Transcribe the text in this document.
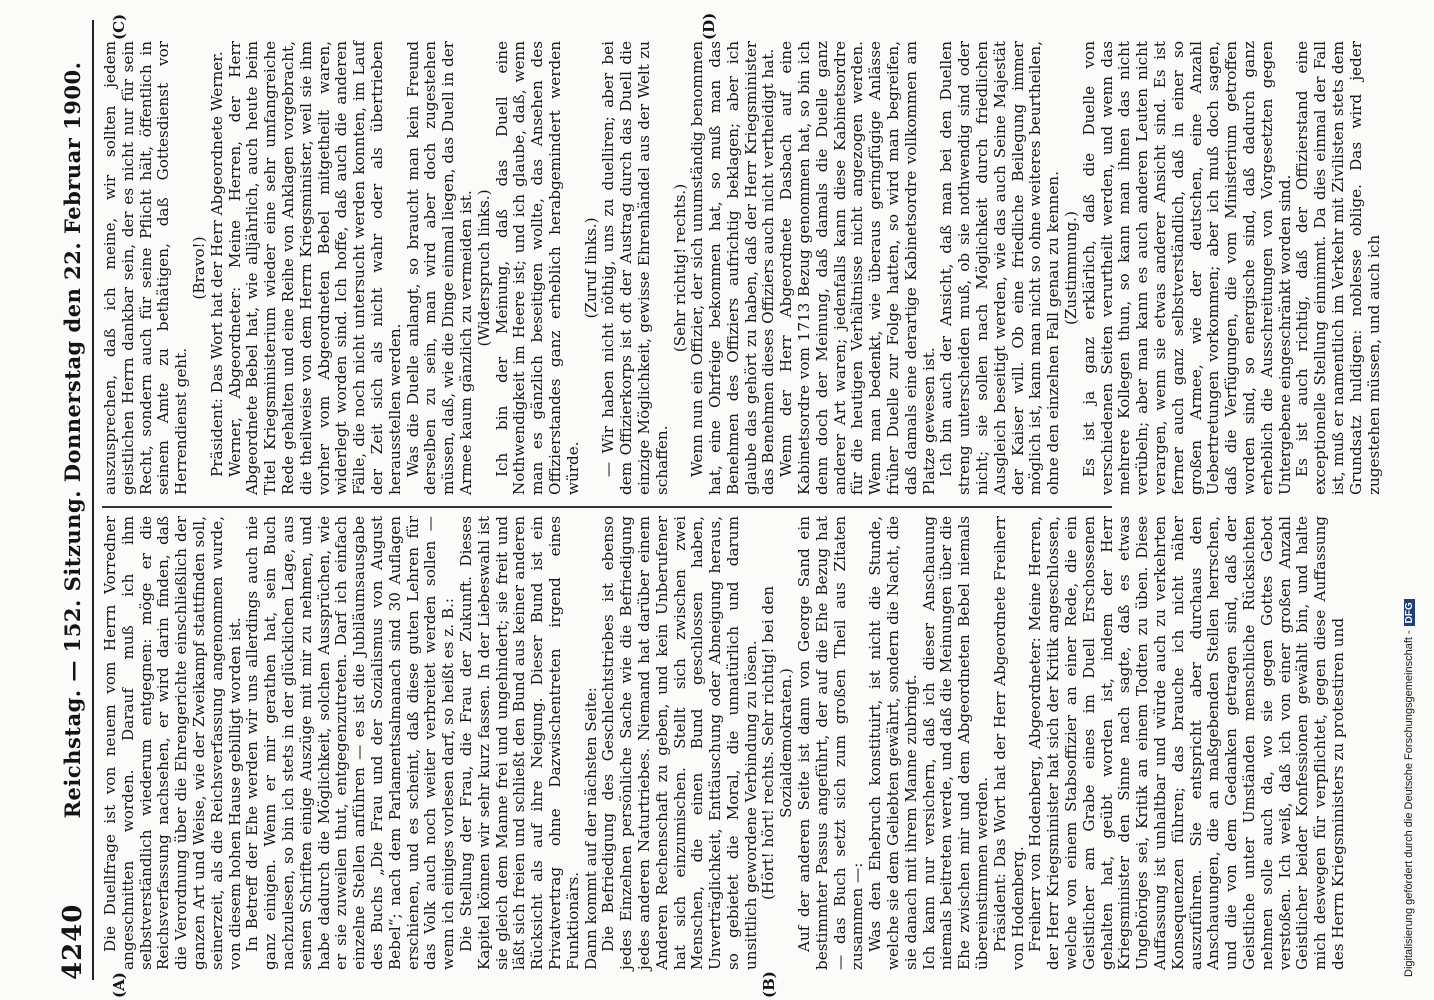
4240
Reichstag. — 152. Sitzung. Donnerstag den 22. Februar 1900.
(A)	(B)
(C)	(D)

Die Duellfrage ist von neuem vom Herrn Vorredner angeschnitten worden. Darauf muß ich ihm selbstverständlich wiederum entgegnen: möge er die Reichsverfassung nachsehen, er wird darin finden, daß die Verordnung über die Ehrengerichte einschließlich der ganzen Art und Weise, wie der Zweikampf stattfinden soll, seinerzeit, als die Reichsverfassung angenommen wurde, von diesem hohen Hause gebilligt worden ist. In Betreff der Ehe werden wir uns allerdings auch nie ganz einigen. Wenn er mir gerathen hat, sein Buch nachzulesen, so bin ich stets in der glücklichen Lage, aus seinen Schriften einige Auszüge mit mir zu nehmen, und habe dadurch die Möglichkeit, solchen Aussprüchen, wie er sie zuweilen thut, entgegenzutreten. Darf ich einfach einzelne Stellen anführen — es ist die Jubiläumsausgabe des Buchs „Die Frau und der Sozialismus von August Bebel“; nach dem Parlamentsalmanach sind 30 Auflagen erschienen, und es scheint, daß diese guten Lehren für das Volk auch noch weiter verbreitet werden sollen — wenn ich einiges vorlesen darf, so heißt es z. B.: Die Stellung der Frau, die Frau der Zukunft. Dieses Kapitel können wir sehr kurz fassen. In der Liebeswahl ist sie gleich dem Manne frei und ungehindert; sie freit und läßt sich freien und schließt den Bund aus keiner anderen Rücksicht als auf ihre Neigung. Dieser Bund ist ein Privatvertrag ohne Dazwischentreten irgend eines Funktionärs. Dann kommt auf der nächsten Seite: Die Befriedigung des Geschlechtstriebes ist ebenso jedes Einzelnen persönliche Sache wie die Befriedigung jedes anderen Naturtriebes. Niemand hat darüber einem Anderen Rechenschaft zu geben, und kein Unberufener hat sich einzumischen. Stellt sich zwischen zwei Menschen, die einen Bund geschlossen haben, Unverträglichkeit, Enttäuschung oder Abneigung heraus, so gebietet die Moral, die unnatürlich und darum unsittlich gewordene Verbindung zu lösen. (Hört! hört! rechts. Sehr richtig! bei den Sozialdemokraten.) Auf der anderen Seite ist dann von George Sand ein bestimmter Passus angeführt, der auf die Ehe Bezug hat — das Buch setzt sich zum großen Theil aus Zitaten zusammen —: Was den Ehebruch konstituirt, ist nicht die Stunde, welche sie dem Geliebten gewährt, sondern die Nacht, die sie danach mit ihrem Manne zubringt. Ich kann nur versichern, daß ich dieser Anschauung niemals beitreten werde, und daß die Meinungen über die Ehe zwischen mir und dem Abgeordneten Bebel niemals übereinstimmen werden. Präsident: Das Wort hat der Herr Abgeordnete Freiherr von Hodenberg. Freiherr von Hodenberg, Abgeordneter: Meine Herren, der Herr Kriegsminister hat sich der Kritik angeschlossen, welche von einem Stabsoffizier an einer Rede, die ein Geistlicher am Grabe eines im Duell Erschossenen gehalten hat, geübt worden ist, indem der Herr Kriegsminister den Sinne nach sagte, daß es etwas Ungehöriges sei, Kritik an einem Todten zu üben. Diese Auffassung ist unhaltbar und würde auch zu verkehrten Konsequenzen führen; das brauche ich nicht näher auszuführen. Sie entspricht aber durchaus den Anschauungen, die an maßgebenden Stellen herrschen, und die von dem Gedanken getragen sind, daß der Geistliche unter Umständen menschliche Rücksichten nehmen solle auch da, wo sie gegen Gottes Gebot verstoßen. Ich weiß, daß ich von einer großen Anzahl Geistlicher beider Konfessionen gewählt bin, und halte mich deswegen für verpflichtet, gegen diese Auffassung des Herrn Kriegsministers zu protestiren und

auszusprechen, daß ich meine, wir sollten jedem geistlichen Herrn dankbar sein, der es nicht nur für sein Recht, sondern auch für seine Pflicht hält, öffentlich in seinem Amte zu bethätigen, daß Gottesdienst vor Herrendienst geht.

(Bravo!) Präsident: Das Wort hat der Herr Abgeordnete Werner. Werner, Abgeordneter: Meine Herren, der Herr Abgeordnete Bebel hat, wie alljährlich, auch heute beim Titel Kriegsministerium wieder eine sehr umfangreiche Rede gehalten und eine Reihe von Anklagen vorgebracht, die theilweise von dem Herrn Kriegsminister, weil sie ihm vorher vom Abgeordneten Bebel mitgetheilt waren, widerlegt worden sind. Ich hoffe, daß auch die anderen Fälle, die noch nicht untersucht werden konnten, im Lauf der Zeit sich als nicht wahr oder als übertrieben herausstellen werden. Was die Duelle anlangt, so braucht man kein Freund derselben zu sein, man wird aber doch zugestehen müssen, daß, wie die Dinge einmal liegen, das Duell in der Armee kaum gänzlich zu vermeiden ist. (Widerspruch links.) Ich bin der Meinung, daß das Duell eine Nothwendigkeit im Heere ist; und ich glaube, daß, wenn man es gänzlich beseitigen wollte, das Ansehen des Offizierstandes ganz erheblich herabgemindert werden würde.

(Zuruf links.) — Wir haben nicht nöthig, uns zu duelliren; aber bei dem Offizierkorps ist oft der Austrag durch das Duell die einzige Möglichkeit, gewisse Ehrenhändel aus der Welt zu schaffen.

(Sehr richtig! rechts.) Wenn nun ein Offizier, der sich unumständig benommen hat, eine Ohrfeige bekommen hat, so muß man das Benehmen des Offiziers aufrichtig beklagen; aber ich glaube das gehört zu haben, daß der Herr Kriegsminister das Benehmen dieses Offiziers auch nicht vertheidigt hat. Wenn der Herr Abgeordnete Dasbach auf eine Kabinetsordre vom 1713 Bezug genommen hat, so bin ich denn doch der Meinung, daß damals die Duelle ganz anderer Art waren; jedenfalls kann diese Kabinetsordre für die heutigen Verhältnisse nicht angezogen werden. Wenn man bedenkt, wie überaus geringfügige Anlässe früher Duelle zur Folge hatten, so wird man begreifen, daß damals eine derartige Kabinetsordre vollkommen am Platze gewesen ist. Ich bin auch der Ansicht, daß man bei den Duellen streng unterscheiden muß, ob sie nothwendig sind oder nicht; sie sollen nach Möglichkeit durch friedlichen Ausgleich beseitigt werden, wie das auch Seine Majestät der Kaiser will. Ob eine friedliche Beilegung immer möglich ist, kann man nicht so ohne weiteres beurtheilen, ohne den einzelnen Fall genau zu kennen. (Zustimmung.) Es ist ja ganz erklärlich, daß die Duelle von verschiedenen Seiten verurtheilt werden, und wenn das mehrere Kollegen thun, so kann man ihnen das nicht verübeln; aber man kann es auch anderen Leuten nicht verargen, wenn sie etwas anderer Ansicht sind. Es ist ferner auch ganz selbstverständlich, daß in einer so großen Armee, wie der deutschen, eine Anzahl Uebertretungen vorkommen; aber ich muß doch sagen, daß die Verfügungen, die vom Ministerium getroffen worden sind, so energische sind, daß dadurch ganz erheblich die Ausschreitungen von Vorgesetzten gegen Untergebene eingeschränkt worden sind. Es ist auch richtig, daß der Offizierstand eine exceptionelle Stellung einnimmt. Da dies einmal der Fall ist, muß er namentlich im Verkehr mit Zivilisten stets dem Grundsatz huldigen: noblesse oblige. Das wird jeder zugestehen müssen, und auch ich

Digitalisierung gefördert durch die Deutsche Forschungsgemeinschaft -DFG
